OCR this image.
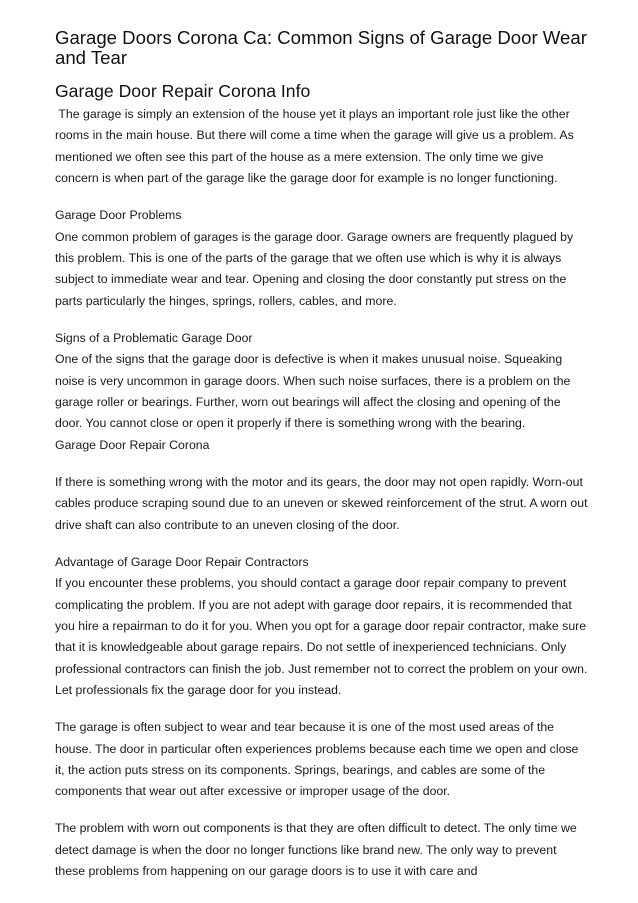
Garage Doors Corona Ca: Common Signs of Garage Door Wear and Tear
Garage Door Repair Corona Info

The garage is simply an extension of the house yet it plays an important role just like the other rooms in the main house. But there will come a time when the garage will give us a problem. As mentioned we often see this part of the house as a mere extension. The only time we give concern is when part of the garage like the garage door for example is no longer functioning.

Garage Door Problems

One common problem of garages is the garage door. Garage owners are frequently plagued by this problem. This is one of the parts of the garage that we often use which is why it is always subject to immediate wear and tear. Opening and closing the door constantly put stress on the parts particularly the hinges, springs, rollers, cables, and more.

Signs of a Problematic Garage Door

One of the signs that the garage door is defective is when it makes unusual noise. Squeaking noise is very uncommon in garage doors. When such noise surfaces, there is a problem on the garage roller or bearings. Further, worn out bearings will affect the closing and opening of the door. You cannot close or open it properly if there is something wrong with the bearing.

Garage Door Repair Corona

If there is something wrong with the motor and its gears, the door may not open rapidly. Worn-out cables produce scraping sound due to an uneven or skewed reinforcement of the strut. A worn out drive shaft can also contribute to an uneven closing of the door.

Advantage of Garage Door Repair Contractors

If you encounter these problems, you should contact a garage door repair company to prevent complicating the problem. If you are not adept with garage door repairs, it is recommended that you hire a repairman to do it for you. When you opt for a garage door repair contractor, make sure that it is knowledgeable about garage repairs. Do not settle of inexperienced technicians. Only professional contractors can finish the job. Just remember not to correct the problem on your own. Let professionals fix the garage door for you instead.

The garage is often subject to wear and tear because it is one of the most used areas of the house. The door in particular often experiences problems because each time we open and close it, the action puts stress on its components. Springs, bearings, and cables are some of the components that wear out after excessive or improper usage of the door.

The problem with worn out components is that they are often difficult to detect. The only time we detect damage is when the door no longer functions like brand new. The only way to prevent these problems from happening on our garage doors is to use it with care and
